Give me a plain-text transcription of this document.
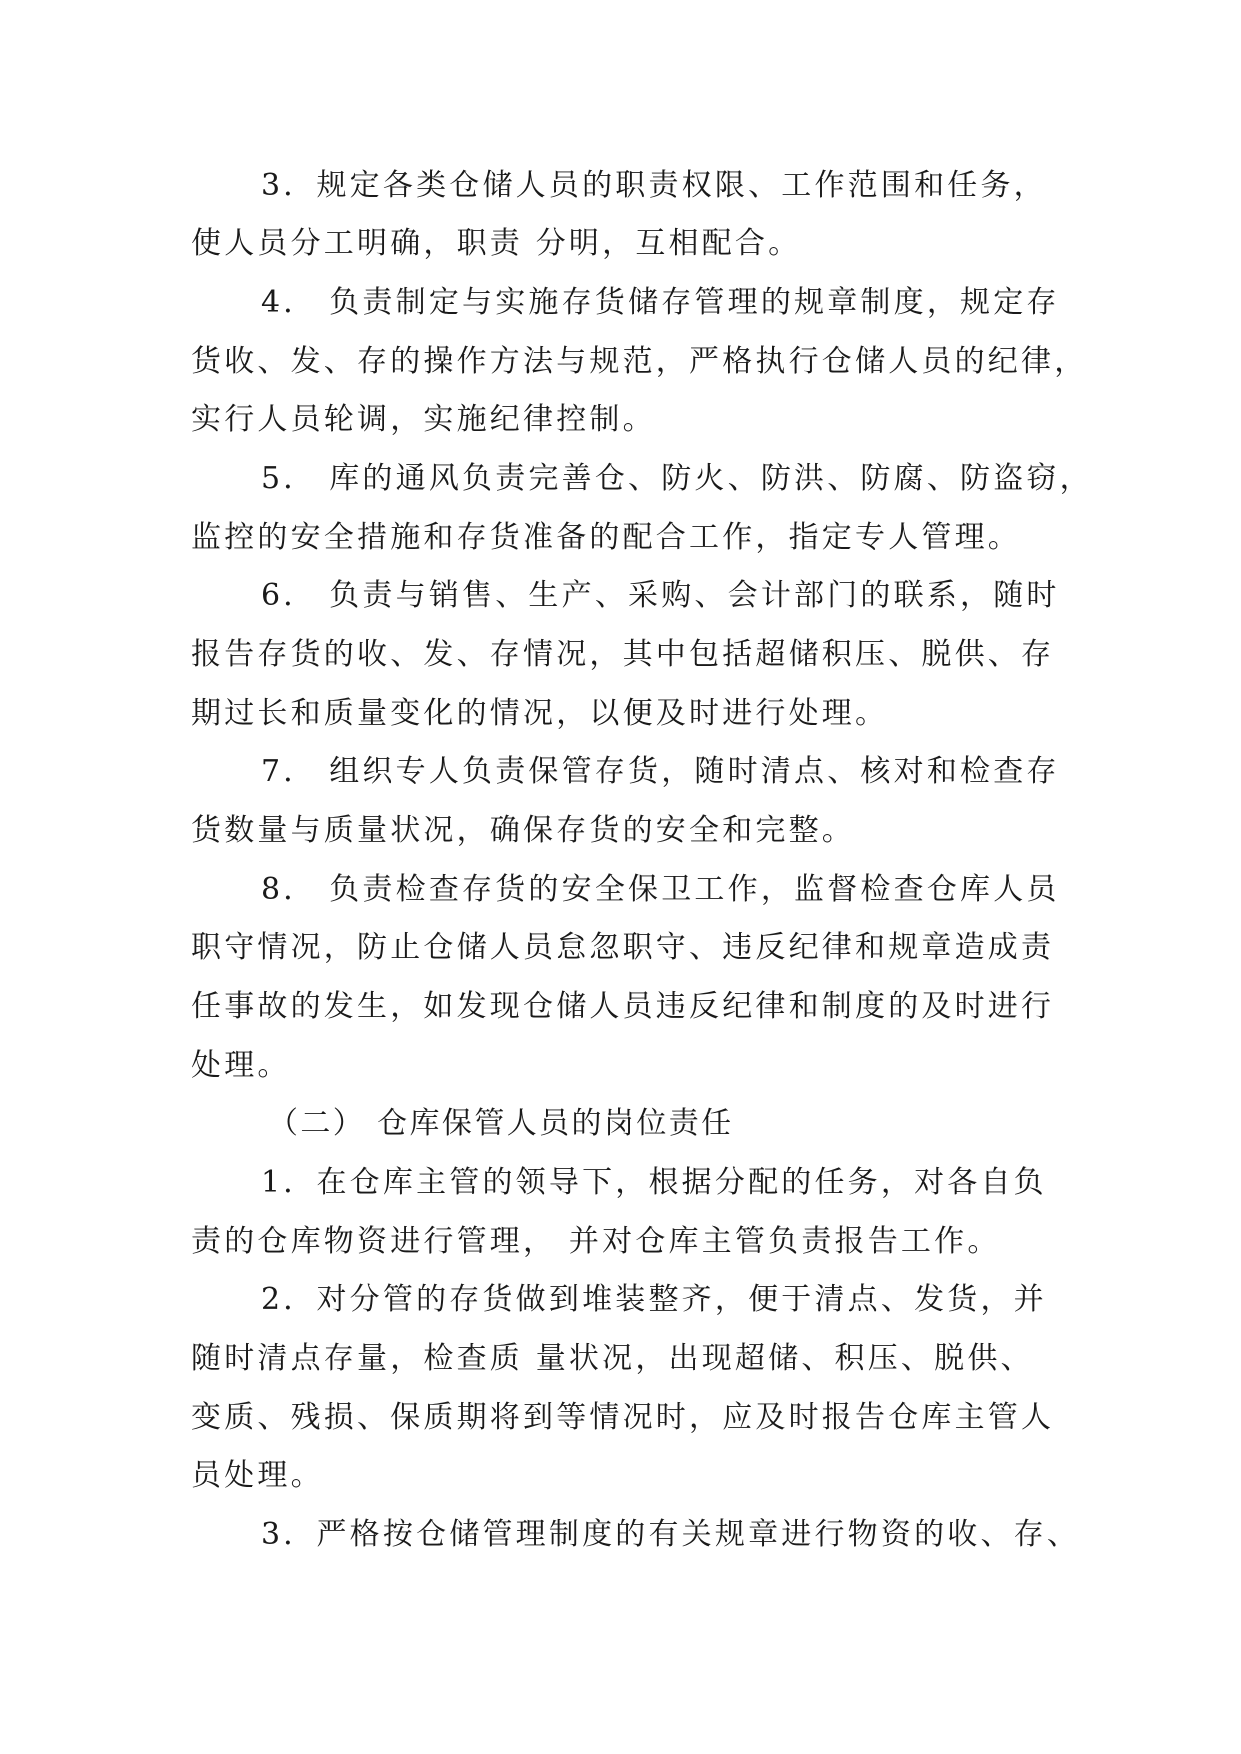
3．规定各类仓储人员的职责权限、工作范围和任务，

使人员分工明确，职责 分明，互相配合。

4． 负责制定与实施存货储存管理的规章制度，规定存

货收、发、存的操作方法与规范，严格执行仓储人员的纪律，

实行人员轮调，实施纪律控制。

5． 库的通风负责完善仓、防火、防洪、防腐、防盗窃，

监控的安全措施和存货准备的配合工作，指定专人管理。

6． 负责与销售、生产、采购、会计部门的联系，随时

报告存货的收、发、存情况，其中包括超储积压、脱供、存

期过长和质量变化的情况，以便及时进行处理。

7． 组织专人负责保管存货，随时清点、核对和检查存

货数量与质量状况，确保存货的安全和完整。

8． 负责检查存货的安全保卫工作，监督检查仓库人员

职守情况，防止仓储人员怠忽职守、违反纪律和规章造成责

任事故的发生，如发现仓储人员违反纪律和制度的及时进行

处理。

（二） 仓库保管人员的岗位责任

1．在仓库主管的领导下，根据分配的任务，对各自负

责的仓库物资进行管理， 并对仓库主管负责报告工作。

2．对分管的存货做到堆装整齐，便于清点、发货，并

随时清点存量，检查质 量状况，出现超储、积压、脱供、

变质、残损、保质期将到等情况时，应及时报告仓库主管人

员处理。

3．严格按仓储管理制度的有关规章进行物资的收、存、
